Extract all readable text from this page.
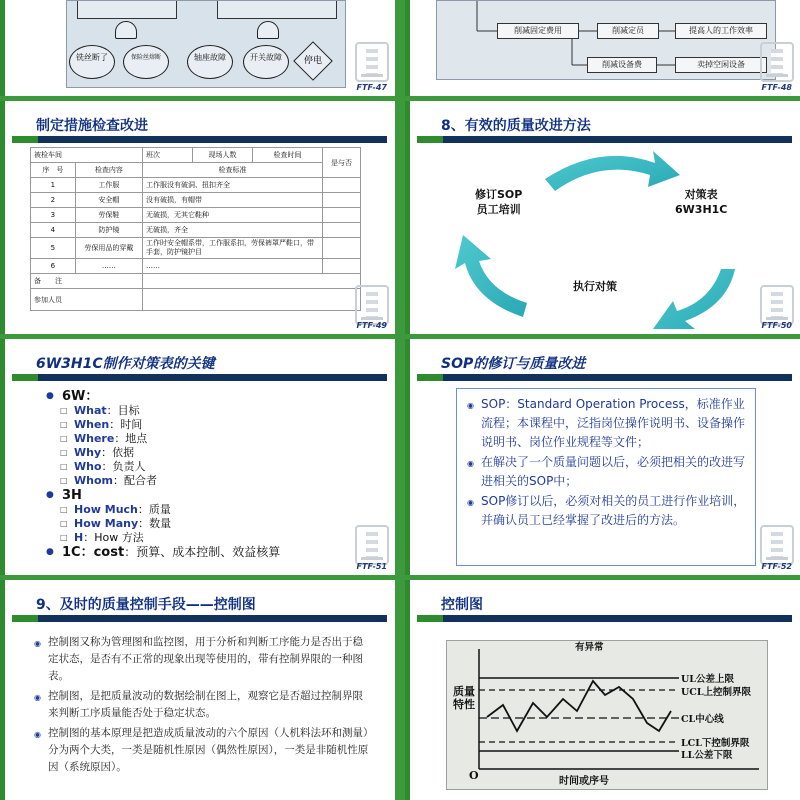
铣丝断了	保险丝熔断	轴座故障	开关故障	停电
FTF-47
削减固定费用	削减定员	提高人的工作效率
削减设备费	卖掉空闲设备
FTF-48
制定措施检查改进
被检车间		班次	现场人数	检查时间	是与否
序　号	检查内容	检查标准			
1	工作服	工作服没有破洞、扭扣齐全			
2	安全帽	没有破损，有帽带			
3	劳保鞋	无破损，无其它鞋种			
4	防护镜	无破损，齐全			
5	劳保用品的穿戴	工作时安全帽系带，工作服系扣，劳保裤罩严鞋口，带手套，防护镜护目			
6	……	……			
备　　注					
参加人员					
FTF-49
8、有效的质量改进方法
修订SOP
员工培训
对策表
6W3H1C
执行对策
FTF-50
6W3H1C制作对策表的关键
● 6W：
□ What：目标
□ When：时间
□ Where：地点
□ Why：依据
□ Who：负责人
□ Whom：配合者
● 3H
□ How Much：质量
□ How Many：数量
□ H：How 方法
● 1C：cost：预算、成本控制、效益核算
FTF-51
SOP的修订与质量改进
FTF-52
◉ SOP：Standard Operation Process，标准作业流程；本课程中，泛指岗位操作说明书、设备操作说明书、岗位作业规程等文件；
◉ 在解决了一个质量问题以后，必须把相关的改进写进相关的SOP中；
◉ SOP修订以后，必须对相关的员工进行作业培训，并确认员工已经掌握了改进后的方法。
9、及时的质量控制手段——控制图
◉ 控制图又称为管理图和监控图，用于分析和判断工序能力是否出于稳定状态，是否有不正常的现象出现等使用的，带有控制界限的一种图表。
◉ 控制图，是把质量波动的数据绘制在图上，观察它是否超过控制界限来判断工序质量能否处于稳定状态。
◉ 控制图的基本原理是把造成质量波动的六个原因（人机料法环和测量）分为两个大类，一类是随机性原因（偶然性原因），一类是非随机性原因（系统原因）。
控制图
有异常
UL公差上限
UCL上控制界限
CL中心线
LCL下控制界限
LL公差下限
质量特性
时间或序号
O
